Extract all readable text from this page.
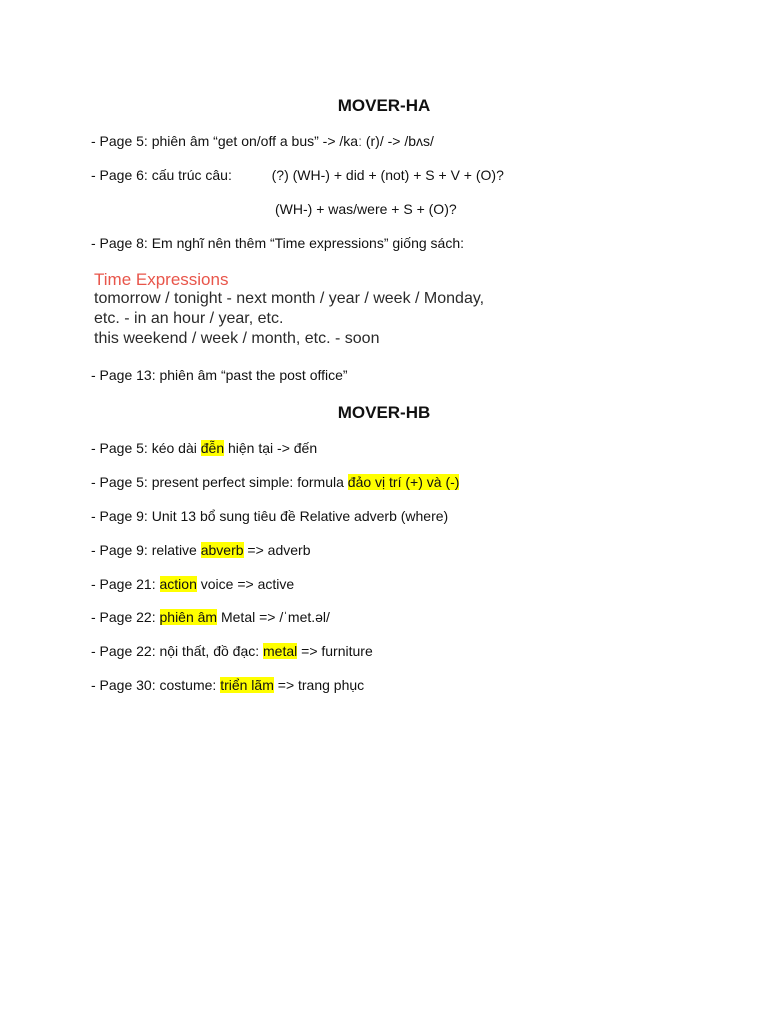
MOVER-HA
- Page 5: phiên âm “get on/off a bus” -> /kaː (r)/ -> /bʌs/
- Page 6: cấu trúc câu:	(?) (WH-) + did + (not) + S + V + (O)?
(WH-) + was/were + S + (O)?
- Page 8: Em nghĩ nên thêm “Time expressions” giống sách:
Time Expressions
tomorrow / tonight - next month / year / week / Monday,
etc. - in an hour / year, etc.
this weekend / week / month, etc. - soon
- Page 13: phiên âm “past the post office”
MOVER-HB
- Page 5: kéo dài đễn hiện tại -> đến
- Page 5: present perfect simple: formula đảo vị trí (+) và (-)
- Page 9: Unit 13 bổ sung tiêu đề Relative adverb (where)
- Page 9: relative abverb => adverb
- Page 21: action voice => active
- Page 22: phiên âm Metal => /ˈmet.əl/
- Page 22: nội thất, đồ đạc: metal => furniture
- Page 30: costume: triển lãm => trang phục
